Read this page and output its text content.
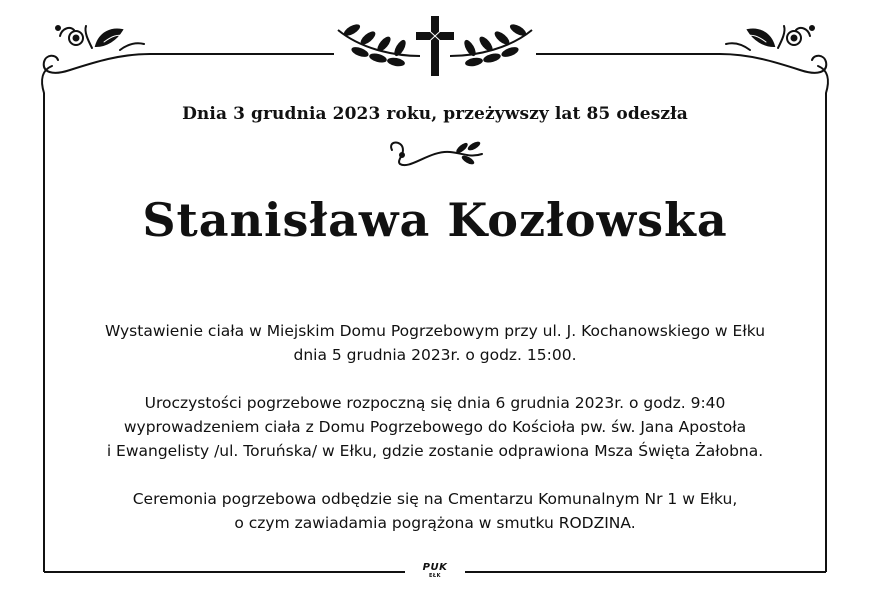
Dnia 3 grudnia 2023 roku, przeżywszy lat 85 odeszła

Stanisława Kozłowska

Wystawienie ciała w Miejskim Domu Pogrzebowym przy ul. J. Kochanowskiego w Ełku
dnia 5 grudnia 2023r. o godz. 15:00.
Uroczystości pogrzebowe rozpoczną się dnia 6 grudnia 2023r. o godz. 9:40
wyprowadzeniem ciała z Domu Pogrzebowego do Kościoła pw. św. Jana Apostoła
i Ewangelisty /ul. Toruńska/ w Ełku, gdzie zostanie odprawiona Msza Święta Żałobna.
Ceremonia pogrzebowa odbędzie się na Cmentarzu Komunalnym Nr 1 w Ełku,
o czym zawiadamia pogrążona w smutku RODZINA.
PUK
EŁK
